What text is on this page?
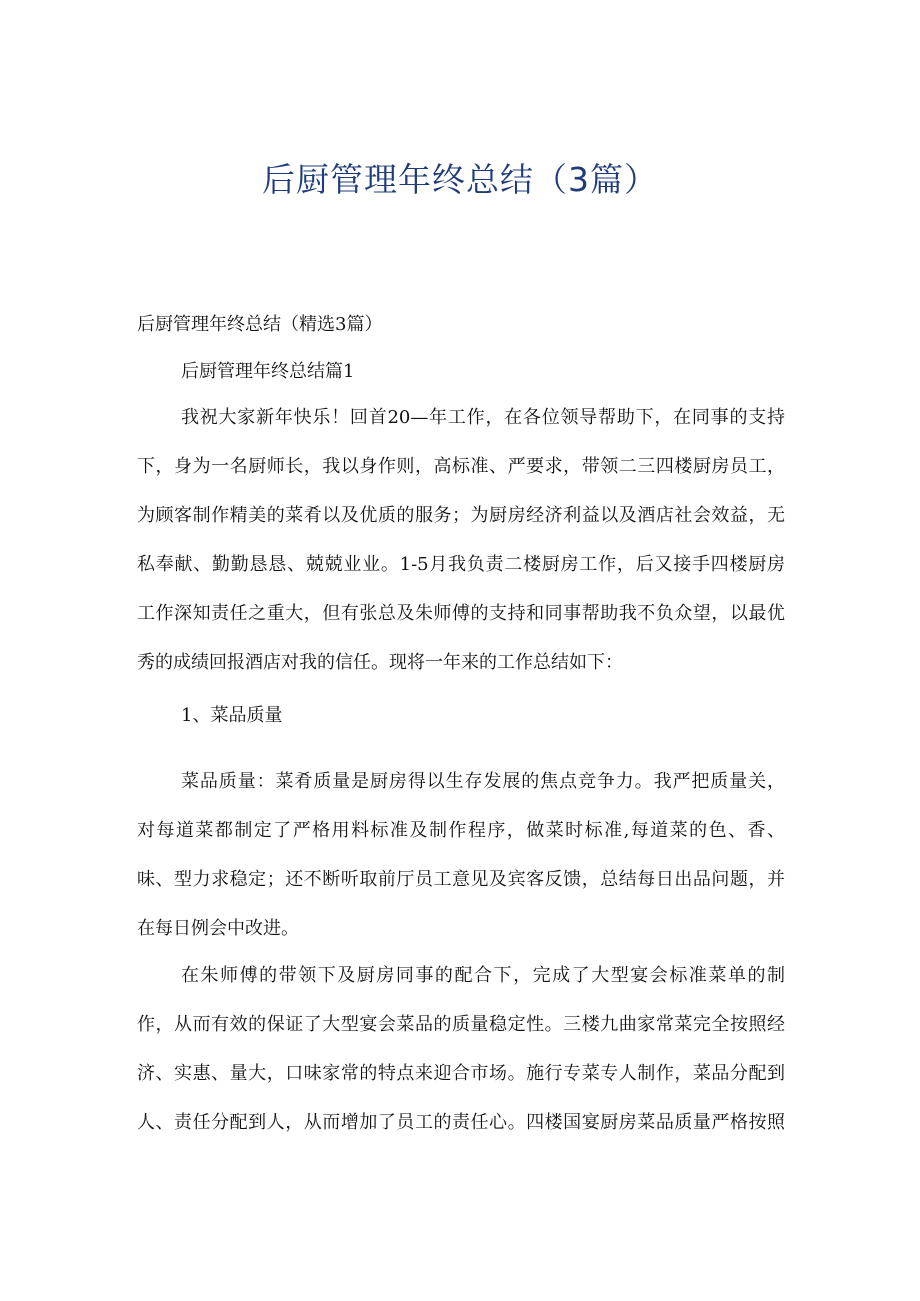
后厨管理年终总结（3篇）
后厨管理年终总结（精选3篇）
后厨管理年终总结篇1
我祝大家新年快乐！回首20—年工作，在各位领导帮助下，在同事的支持
下，身为一名厨师长，我以身作则，高标准、严要求，带领二三四楼厨房员工，
为顾客制作精美的菜肴以及优质的服务；为厨房经济利益以及酒店社会效益，无
私奉献、勤勤恳恳、兢兢业业。1-5月我负责二楼厨房工作，后又接手四楼厨房
工作深知责任之重大，但有张总及朱师傅的支持和同事帮助我不负众望，以最优
秀的成绩回报酒店对我的信任。现将一年来的工作总结如下：
1、菜品质量
菜品质量：菜肴质量是厨房得以生存发展的焦点竞争力。我严把质量关，
对每道菜都制定了严格用料标准及制作程序，做菜时标准,每道菜的色、香、
味、型力求稳定；还不断听取前厅员工意见及宾客反馈，总结每日出品问题，并
在每日例会中改进。
在朱师傅的带领下及厨房同事的配合下，完成了大型宴会标准菜单的制
作，从而有效的保证了大型宴会菜品的质量稳定性。三楼九曲家常菜完全按照经
济、实惠、量大，口味家常的特点来迎合市场。施行专菜专人制作，菜品分配到
人、责任分配到人，从而增加了员工的责任心。四楼国宴厨房菜品质量严格按照
